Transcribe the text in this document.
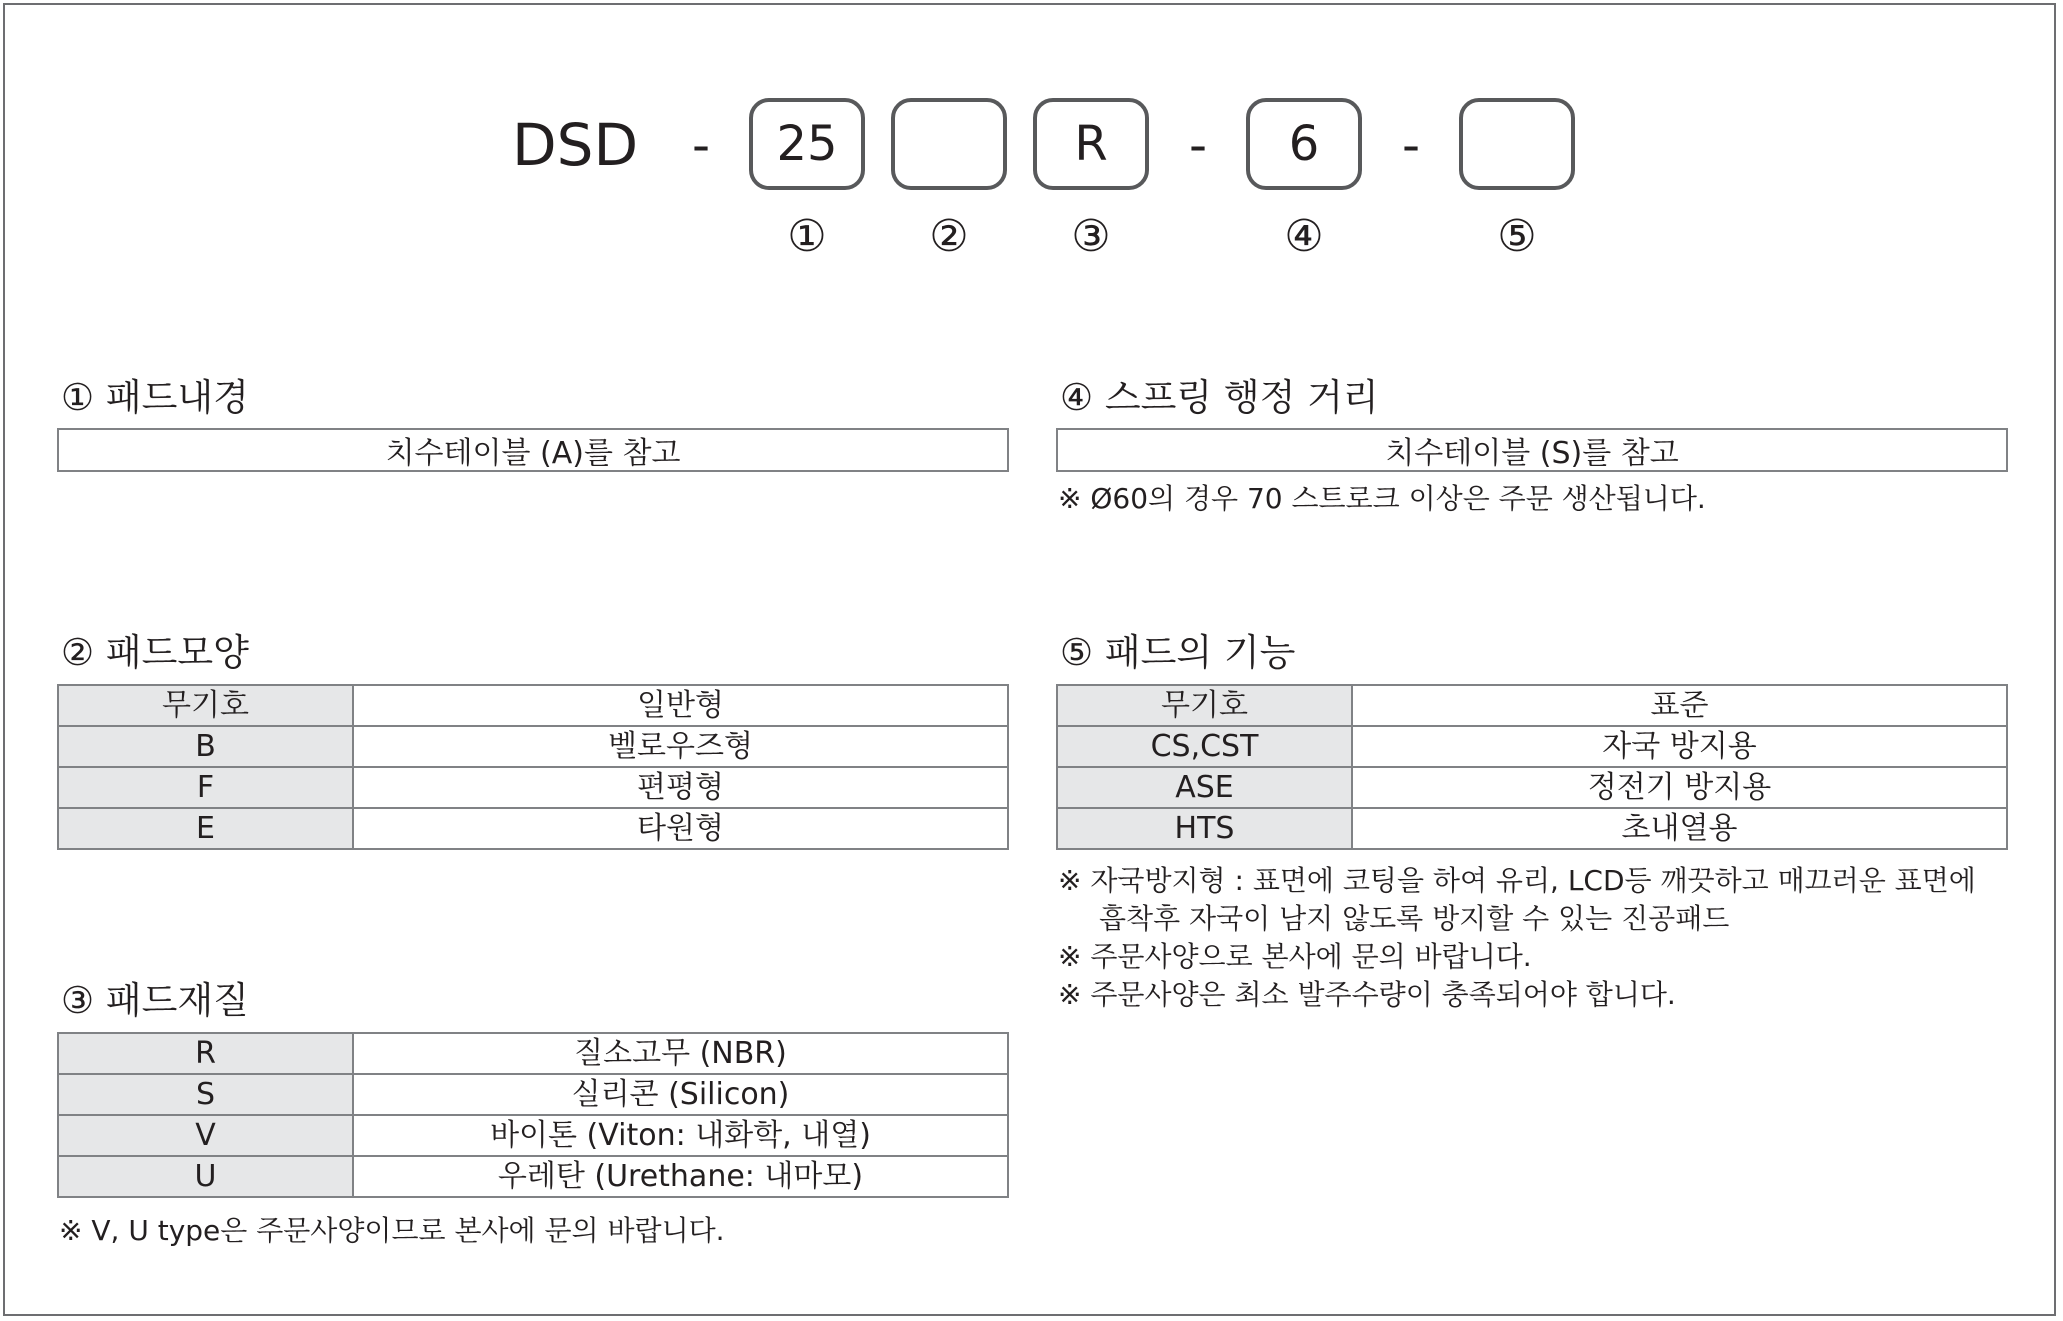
DSD -	25	R	-	6	-
①	②	③	④	⑤
① 패드내경
치수테이블 (A)를 참고
④ 스프링 행정 거리
치수테이블 (S)를 참고
※ Ø60의 경우 70 스트로크 이상은 주문 생산됩니다.
② 패드모양
무기호	일반형
B	벨로우즈형
F	편평형
E	타원형
⑤ 패드의 기능
무기호	표준
CS,CST	자국 방지용
ASE	정전기 방지용
HTS	초내열용
※ 자국방지형 : 표면에 코팅을 하여 유리, LCD등 깨끗하고 매끄러운 표면에
흡착후 자국이 남지 않도록 방지할 수 있는 진공패드
※ 주문사양으로 본사에 문의 바랍니다.
※ 주문사양은 최소 발주수량이 충족되어야 합니다.
③ 패드재질
R	질소고무 (NBR)
S	실리콘 (Silicon)
V	바이톤 (Viton: 내화학, 내열)
U	우레탄 (Urethane: 내마모)
※ V, U type은 주문사양이므로 본사에 문의 바랍니다.
